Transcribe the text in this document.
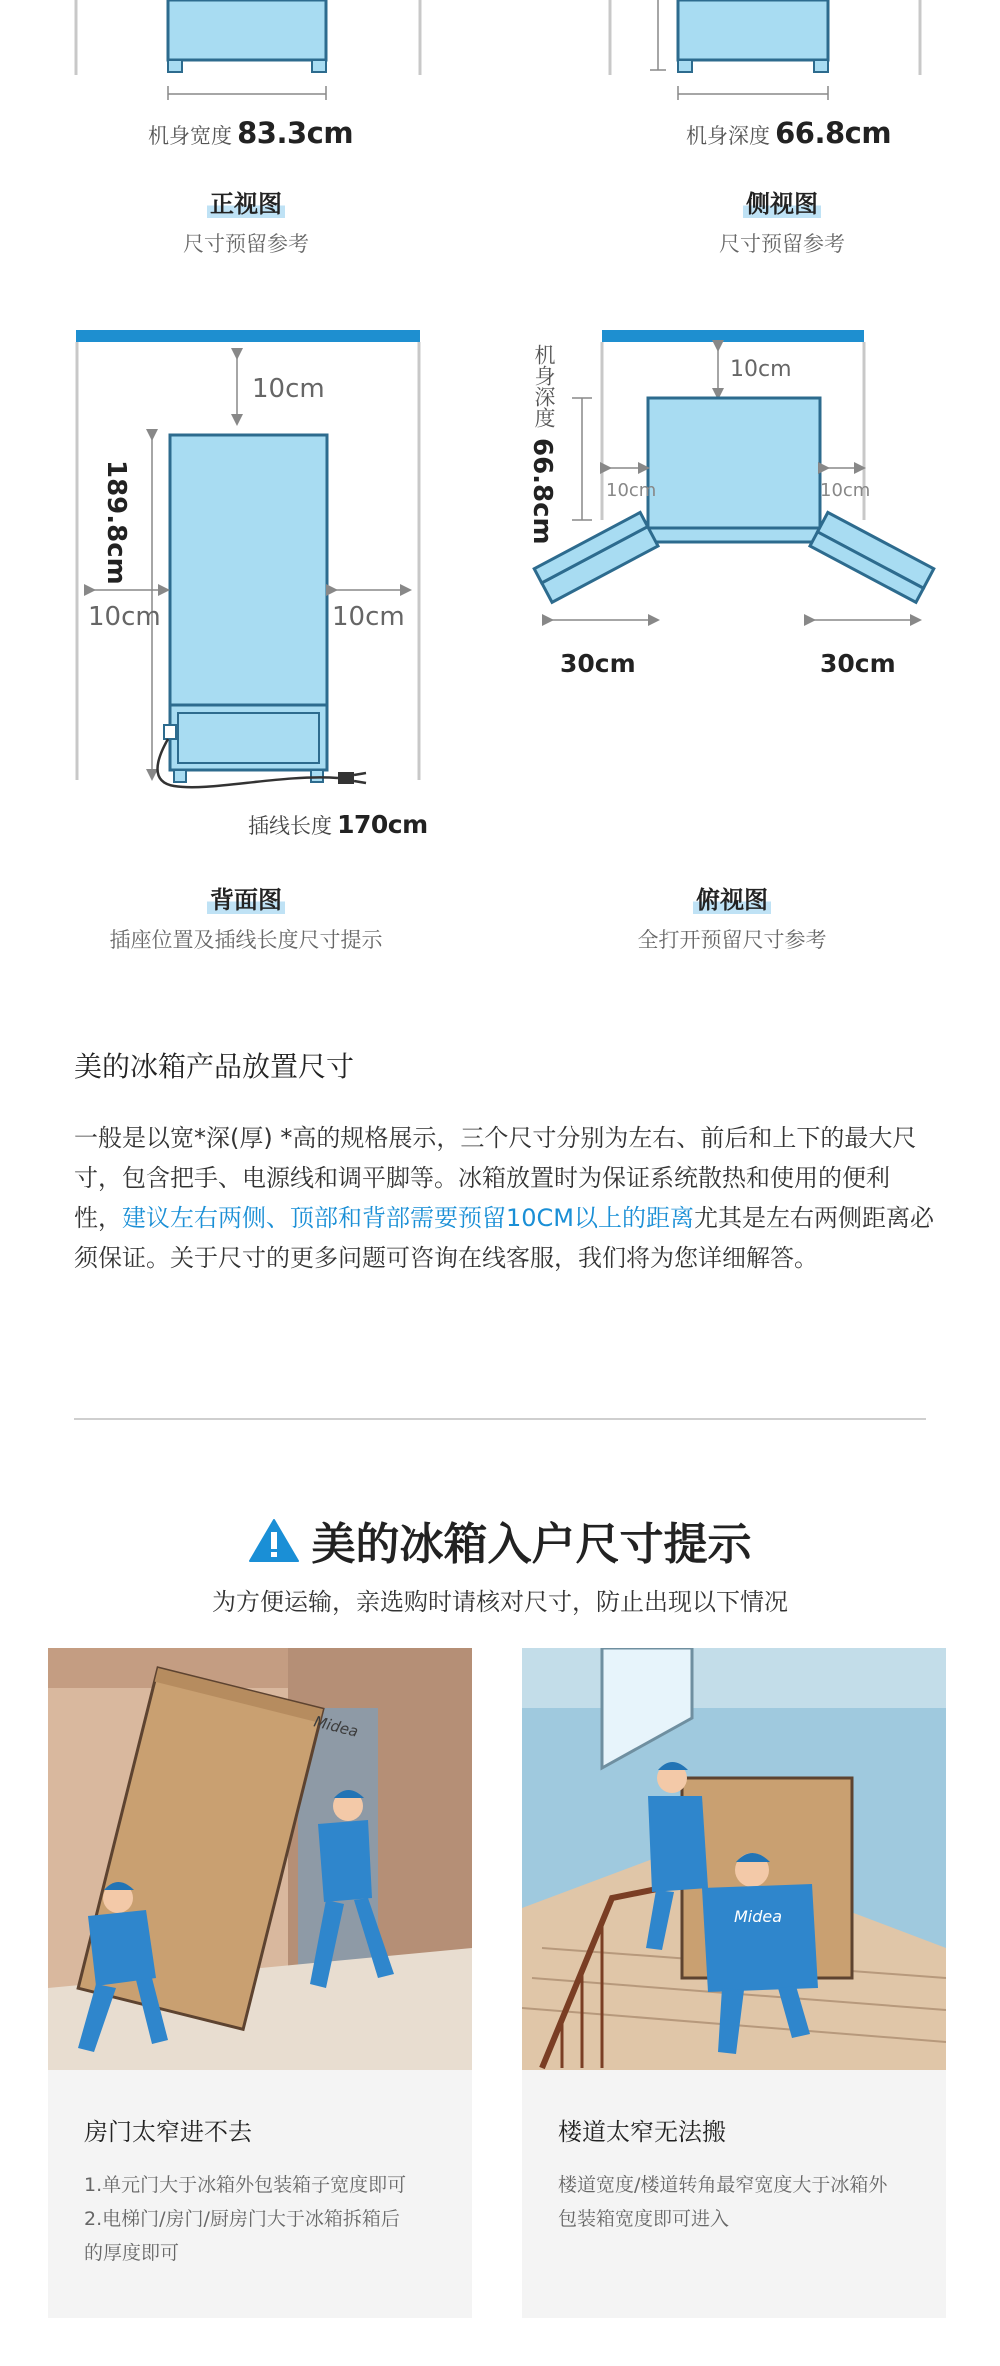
机身宽度 83.3cm
正视图
尺寸预留参考
机身深度 66.8cm
侧视图
尺寸预留参考
10cm
189.8cm
10cm	10cm
插线长度 170cm
背面图
插座位置及插线长度尺寸提示
机身深度
66.8cm
10cm
10cm	10cm
30cm	30cm
俯视图
全打开预留尺寸参考
美的冰箱产品放置尺寸
一般是以宽*深(厚) *高的规格展示，三个尺寸分别为左右、前后和上下的最大尺寸，包含把手、电源线和调平脚等。冰箱放置时为保证系统散热和使用的便利性，建议左右两侧、顶部和背部需要预留10CM以上的距离尤其是左右两侧距离必须保证。关于尺寸的更多问题可咨询在线客服，我们将为您详细解答。
美的冰箱入户尺寸提示
为方便运输，亲选购时请核对尺寸，防止出现以下情况
Midea
房门太窄进不去
1.单元门大于冰箱外包装箱子宽度即可
2.电梯门/房门/厨房门大于冰箱拆箱后
的厚度即可
Midea
楼道太窄无法搬
楼道宽度/楼道转角最窄宽度大于冰箱外
包装箱宽度即可进入
